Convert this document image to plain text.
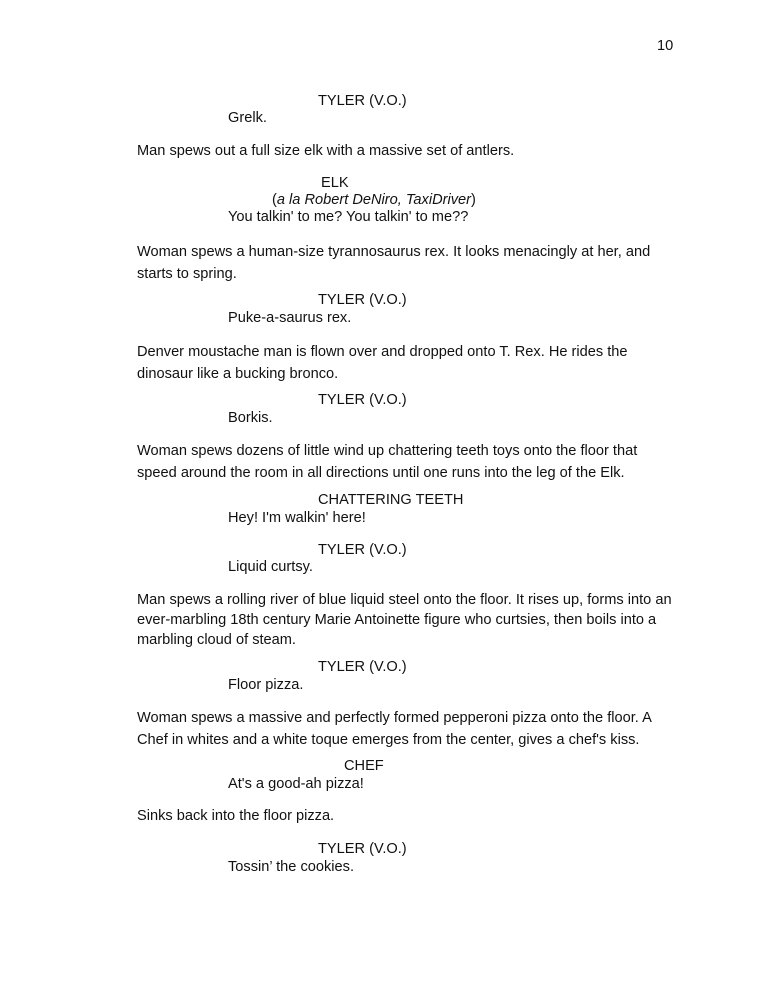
10
TYLER (V.O.)
Grelk.
Man spews out a full size elk with a massive set of antlers.
ELK
(a la Robert DeNiro, TaxiDriver)
You talkin' to me? You talkin' to me??
Woman spews a human-size tyrannosaurus rex. It looks menacingly at her, and starts to spring.
TYLER (V.O.)
Puke-a-saurus rex.
Denver moustache man is flown over and dropped onto T. Rex. He rides the dinosaur like a bucking bronco.
TYLER (V.O.)
Borkis.
Woman spews dozens of little wind up chattering teeth toys onto the floor that speed around the room in all directions until one runs into the leg of the Elk.
CHATTERING TEETH
Hey! I'm walkin' here!
TYLER (V.O.)
Liquid curtsy.
Man spews a rolling river of blue liquid steel onto the floor. It rises up, forms into an ever-marbling 18th century Marie Antoinette figure who curtsies, then boils into a marbling cloud of steam.
TYLER (V.O.)
Floor pizza.
Woman spews a massive and perfectly formed pepperoni pizza onto the floor. A Chef in whites and a white toque emerges from the center, gives a chef's kiss.
CHEF
At's a good-ah pizza!
Sinks back into the floor pizza.
TYLER (V.O.)
Tossin’ the cookies.
